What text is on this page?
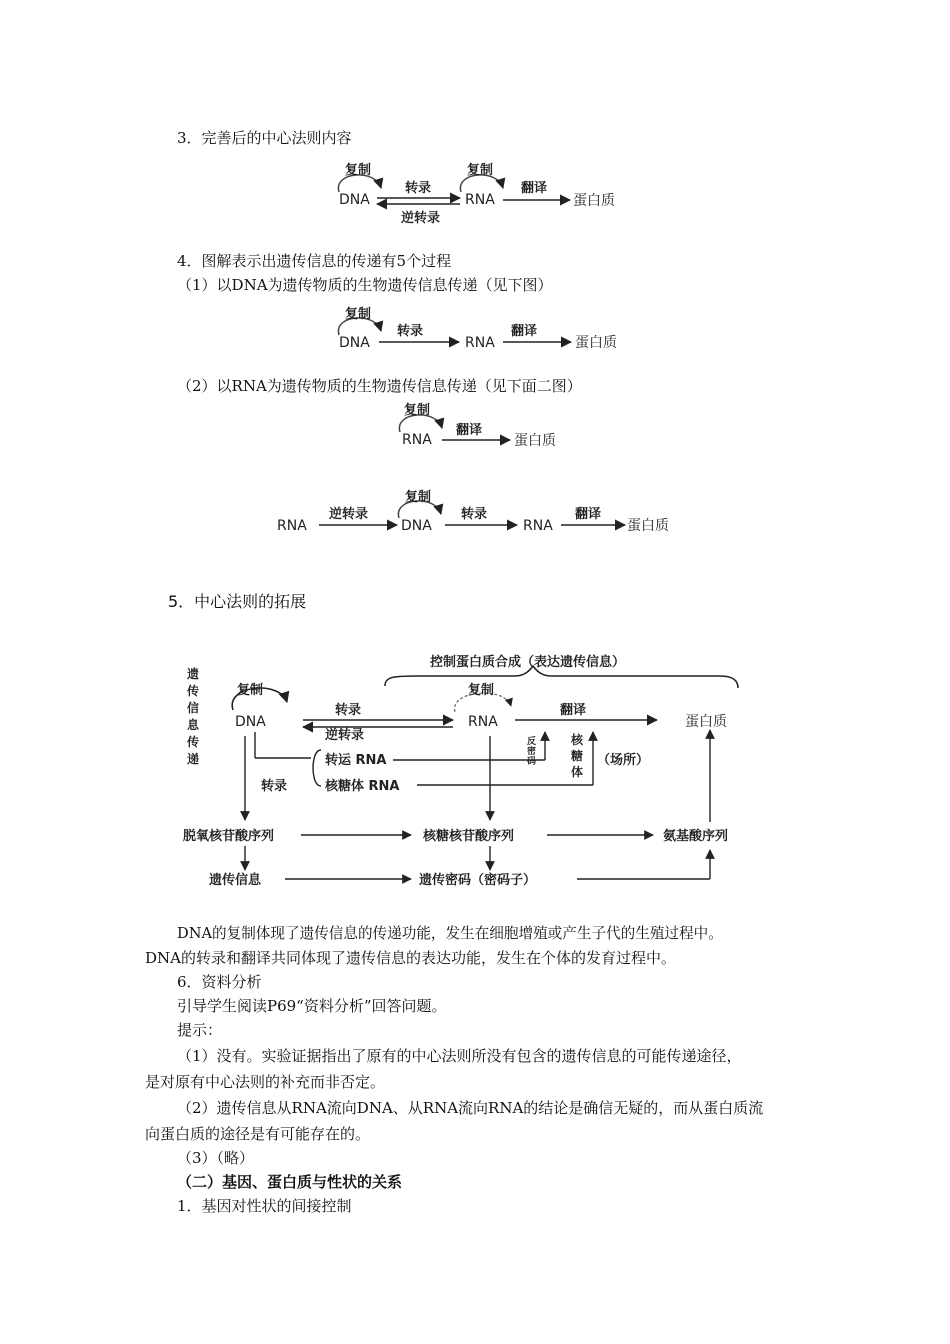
3．完善后的中心法则内容
复制
DNA
转录
逆转录
复制
RNA
翻译
蛋白质
4．图解表示出遗传信息的传递有5个过程
（1）以DNA为遗传物质的生物遗传信息传递（见下图）
复制
DNA
转录
RNA
翻译
蛋白质
（2）以RNA为遗传物质的生物遗传信息传递（见下面二图）
复制
RNA
翻译
蛋白质
RNA
逆转录
复制
DNA
转录
RNA
翻译
蛋白质
5．中心法则的拓展
控制蛋白质合成（表达遗传信息）
遗
传
信
息
传
递
复制
DNA
转录
逆转录
复制
RNA
翻译
蛋白质
转录
转运 RNA
核糖体 RNA
反
密
码
核
糖
体
（场所）
脱氧核苷酸序列	核糖核苷酸序列	氨基酸序列
遗传信息	遗传密码（密码子）
DNA的复制体现了遗传信息的传递功能，发生在细胞增殖或产生子代的生殖过程中。
DNA的转录和翻译共同体现了遗传信息的表达功能，发生在个体的发育过程中。
6．资料分析
引导学生阅读P69“资料分析”回答问题。
提示：
（1）没有。实验证据指出了原有的中心法则所没有包含的遗传信息的可能传递途径，
是对原有中心法则的补充而非否定。
（2）遗传信息从RNA流向DNA、从RNA流向RNA的结论是确信无疑的，而从蛋白质流
向蛋白质的途径是有可能存在的。
（3）（略）
（二）基因、蛋白质与性状的关系
1．基因对性状的间接控制
